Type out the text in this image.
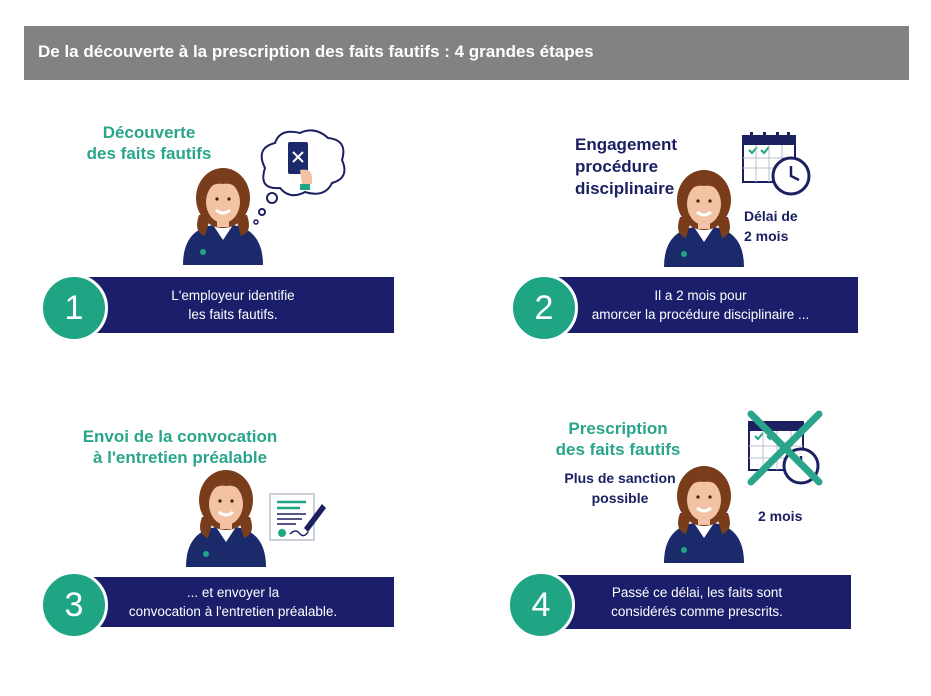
De la découverte à la prescription des faits fautifs : 4 grandes étapes
Découverte
des faits fautifs
L'employeur identifie
les faits fautifs.
1
Engagement
procédure
disciplinaire
Délai de
2 mois
Il a 2 mois pour
amorcer la procédure disciplinaire ...
2
Envoi de la convocation
à l'entretien préalable
... et envoyer la
convocation à l'entretien préalable.
3
Prescription
des faits fautifs
Plus de sanction
possible
2 mois
Passé ce délai, les faits sont
considérés comme prescrits.
4
